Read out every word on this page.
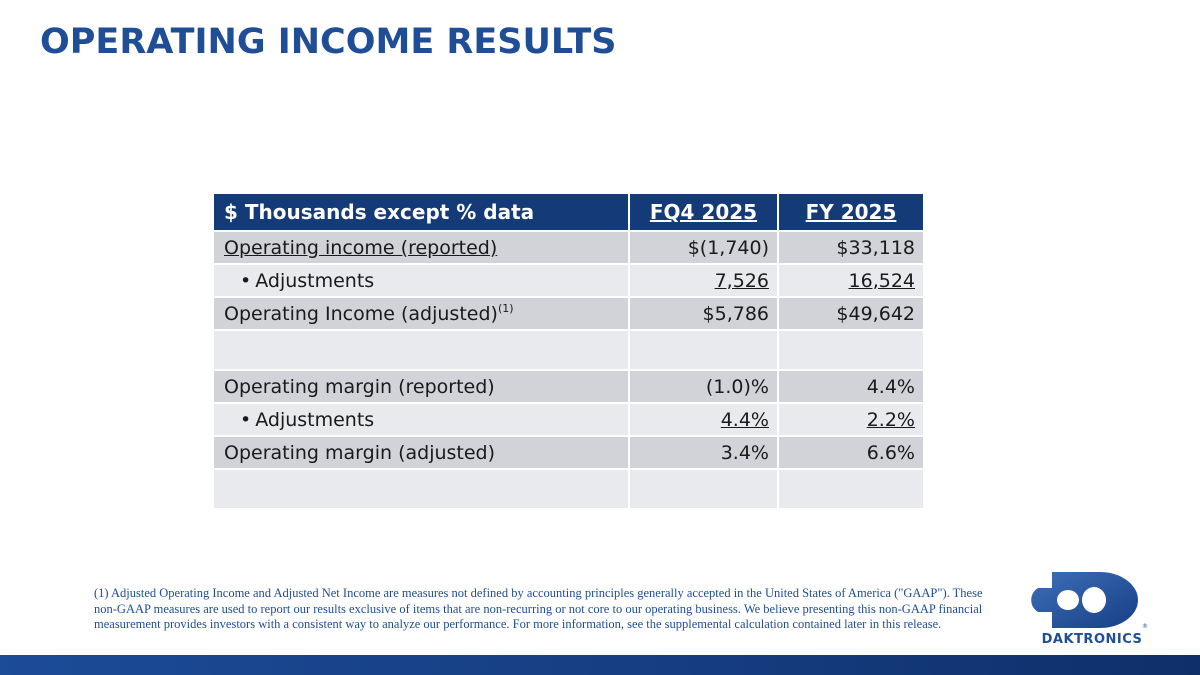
OPERATING INCOME RESULTS
$ Thousands except % data	FQ4 2025	FY 2025
Operating income (reported)	$(1,740)	$33,118
• Adjustments	7,526	16,524
Operating Income (adjusted)$^{(1)}$	$5,786	$49,642

Operating margin (reported)	(1.0)%	4.4%
• Adjustments	4.4%	2.2%
Operating margin (adjusted)	3.4%	6.6%

(1) Adjusted Operating Income and Adjusted Net Income are measures not defined by accounting principles generally accepted in the United States of America ("GAAP"). These non-GAAP measures are used to report our results exclusive of items that are non-recurring or not core to our operating business. We believe presenting this non-GAAP financial measurement provides investors with a consistent way to analyze our performance. For more information, see the supplemental calculation contained later in this release.	®
DAKTRONICS
